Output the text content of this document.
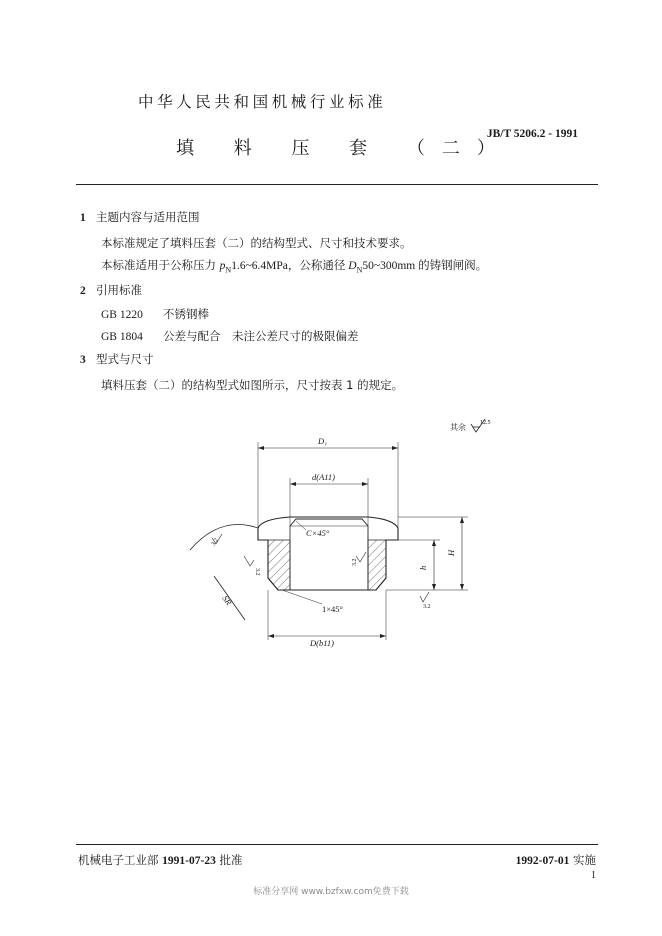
中华人民共和国机械行业标准
JB/T 5206.2 - 1991
填 料 压 套 （二）
1 主题内容与适用范围
本标准规定了填料压套（二）的结构型式、尺寸和技术要求。
本标准适用于公称压力 $p_N1.6\sim 6.4MPa$，公称通径 $D_N50\sim 300mm$ 的铸钢闸阀。
2 引用标准
GB 1220 不锈钢棒
GB 1804 公差与配合　未注公差尺寸的极限偏差
3 型式与尺寸
填料压套（二）的结构型式如图所示，尺寸按表 1 的规定。
其余 12.5
D₁
d(A11)
C×45°
1×45°
D(b11)
H
h
SR
3.2
3.2
3.2
3.2
机械电子工业部 1991-07-23 批准	1992-07-01 实施
1
标准分享网 www.bzfxw.com免费下载
